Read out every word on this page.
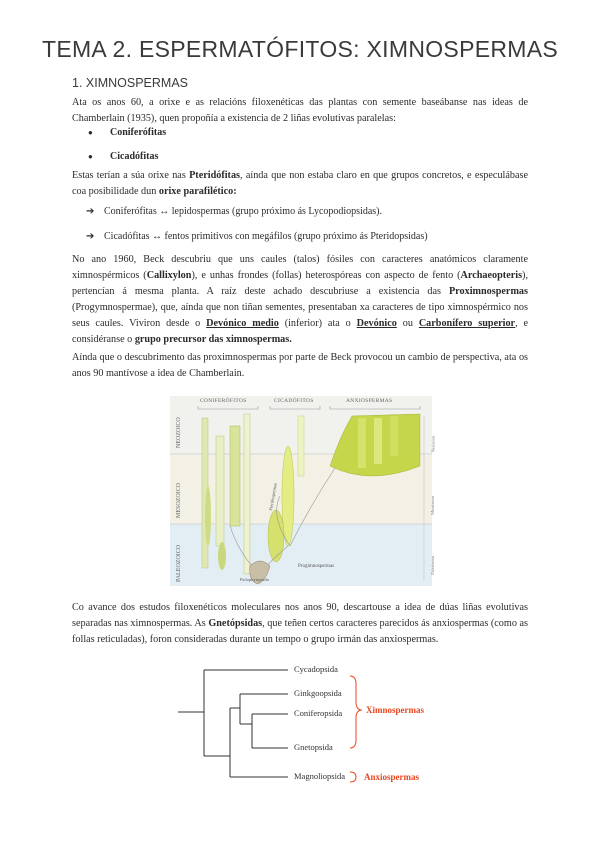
TEMA 2. ESPERMATÓFITOS: XIMNOSPERMAS
1. XIMNOSPERMAS
Ata os anos 60, a orixe e as relacións filoxenéticas das plantas con semente baseábanse nas ideas de Chamberlain (1935), quen propoñía a existencia de 2 liñas evolutivas paralelas:
●	Coniferófitas
●	Cicadófitas
Estas terían a súa orixe nas Pteridófitas, aínda que non estaba claro en que grupos concretos, e especulábase coa posibilidade dun orixe parafilético:
➔ Coniferófitas ↔ lepidospermas (grupo próximo ás Lycopodiopsidas).
➔ Cicadófitas ↔ fentos primitivos con megáfilos (grupo próximo ás Pteridopsidas)
No ano 1960, Beck descubriu que uns caules (talos) fósiles con caracteres anatómicos claramente ximnospérmicos (Callixylon), e unhas frondes (follas) heterospóreas con aspecto de fento (Archaeopteris), pertencían á mesma planta. A raíz deste achado descubriuse a existencia das Proximnospermas (Progymnospermae), que, aínda que non tiñan sementes, presentaban xa caracteres de tipo ximnospérmico nos seus caules. Viviron desde o Devónico medio (inferior) ata o Devónico ou Carbonífero superior, e considéranse o grupo precursor das ximnospermas.
Aínda que o descubrimento das proximnospermas por parte de Beck provocou un cambio de perspectiva, ata os anos 90 mantívose a idea de Chamberlain.
CONIFERÓFITOS	CICADÓFITOS	ANXIOSPERMAS
NEOZOICO
MESOZOICO
PALEOZOICO
Neóxeno
Mesóxeno
Paleóxeno
Progimnospermas
Psilophytopsida
Pteridospermae
Co avance dos estudos filoxenéticos moleculares nos anos 90, descartouse a idea de dúas liñas evolutivas separadas nas ximnospermas. As Gnetópsidas, que teñen certos caracteres parecidos ás anxiospermas (como as follas reticuladas), foron consideradas durante un tempo o grupo irmán das anxiospermas.
Cycadopsida
Ginkgoopsida
Coniferopsida
Gnetopsida
Magnoliopsida
Ximnospermas
Anxiospermas
